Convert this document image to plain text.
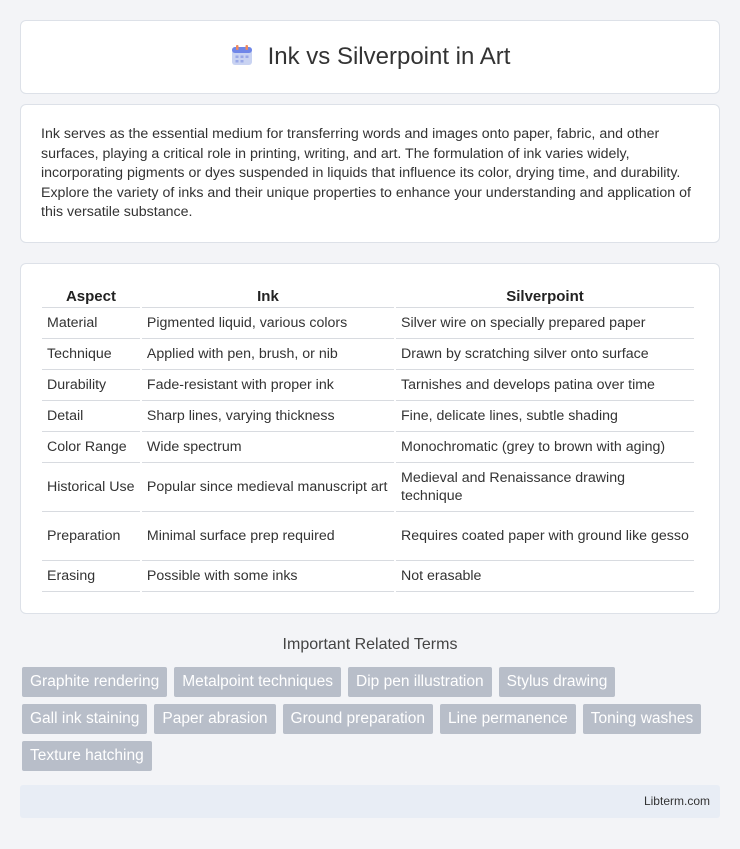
Ink vs Silverpoint in Art

Ink serves as the essential medium for transferring words and images onto paper, fabric, and other surfaces, playing a critical role in printing, writing, and art. The formulation of ink varies widely, incorporating pigments or dyes suspended in liquids that influence its color, drying time, and durability. Explore the variety of inks and their unique properties to enhance your understanding and application of this versatile substance.

Aspect	Ink	Silverpoint
Material	Pigmented liquid, various colors	Silver wire on specially prepared paper
Technique	Applied with pen, brush, or nib	Drawn by scratching silver onto surface
Durability	Fade-resistant with proper ink	Tarnishes and develops patina over time
Detail	Sharp lines, varying thickness	Fine, delicate lines, subtle shading
Color Range	Wide spectrum	Monochromatic (grey to brown with aging)
Historical Use	Popular since medieval manuscript art	Medieval and Renaissance drawing technique
Preparation	Minimal surface prep required	Requires coated paper with ground like gesso
Erasing	Possible with some inks	Not erasable
Important Related Terms
Graphite rendering	Metalpoint techniques	Dip pen illustration	Stylus drawing
Gall ink staining	Paper abrasion	Ground preparation	Line permanence	Toning washes
Texture hatching
Libterm.com
